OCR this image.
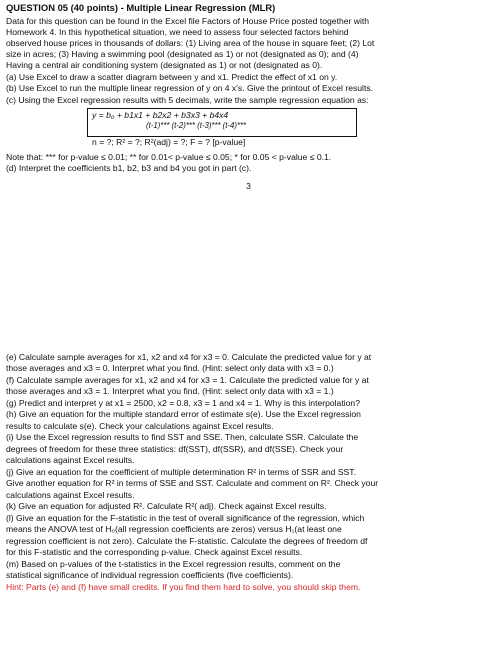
QUESTION 05 (40 points) - Multiple Linear Regression (MLR)
Data for this question can be found in the Excel file Factors of House Price posted together with
Homework 4. In this hypothetical situation, we need to assess four selected factors behind
observed house prices in thousands of dollars: (1) Living area of the house in square feet; (2) Lot
size in acres; (3) Having a swimming pool (designated as 1) or not (designated as 0); and (4)
Having a central air conditioning system (designated as 1) or not (designated as 0).
(a) Use Excel to draw a scatter diagram between y and x1. Predict the effect of x1 on y.
(b) Use Excel to run the multiple linear regression of y on 4 x's. Give the printout of Excel results.
(c) Using the Excel regression results with 5 decimals, write the sample regression equation as:
y = b₀ + b1x1 + b2x2 + b3x3 + b4x4
(t-1)*** (t-2)*** (t-3)*** (t-4)***
n = ?; R² = ?; R²(adj) = ?; F = ? [p-value]
Note that: *** for p-value ≤ 0.01; ** for 0.01< p-value ≤ 0.05; * for 0.05 < p-value ≤ 0.1.
(d) Interpret the coefficients b1, b2, b3 and b4 you got in part (c).
3
(e) Calculate sample averages for x1, x2 and x4 for x3 = 0. Calculate the predicted value for y at
those averages and x3 = 0. Interpret what you find. (Hint: select only data with x3 = 0.)
(f) Calculate sample averages for x1, x2 and x4 for x3 = 1. Calculate the predicted value for y at
those averages and x3 = 1. Interpret what you find. (Hint: select only data with x3 = 1.)
(g) Predict and interpret y at x1 = 2500, x2 = 0.8, x3 = 1 and x4 = 1. Why is this interpolation?
(h) Give an equation for the multiple standard error of estimate s(e). Use the Excel regression
results to calculate s(e). Check your calculations against Excel results.
(i) Use the Excel regression results to find SST and SSE. Then, calculate SSR. Calculate the
degrees of freedom for these three statistics: df(SST), df(SSR), and df(SSE). Check your
calculations against Excel results.
(j) Give an equation for the coefficient of multiple determination R² in terms of SSR and SST.
Give another equation for R² in terms of SSE and SST. Calculate and comment on R². Check your
calculations against Excel results.
(k) Give an equation for adjusted R². Calculate R²( adj). Check against Excel results.
(l) Give an equation for the F-statistic in the test of overall significance of the regression, which
means the ANOVA test of H₀(all regression coefficients are zeros) versus H₁(at least one
regression coefficient is not zero). Calculate the F-statistic. Calculate the degrees of freedom df
for this F-statistic and the corresponding p-value. Check against Excel results.
(m) Based on p-values of the t-statistics in the Excel regression results, comment on the
statistical significance of individual regression coefficients (five coefficients).
Hint: Parts (e) and (f) have small credits. If you find them hard to solve, you should skip them.
